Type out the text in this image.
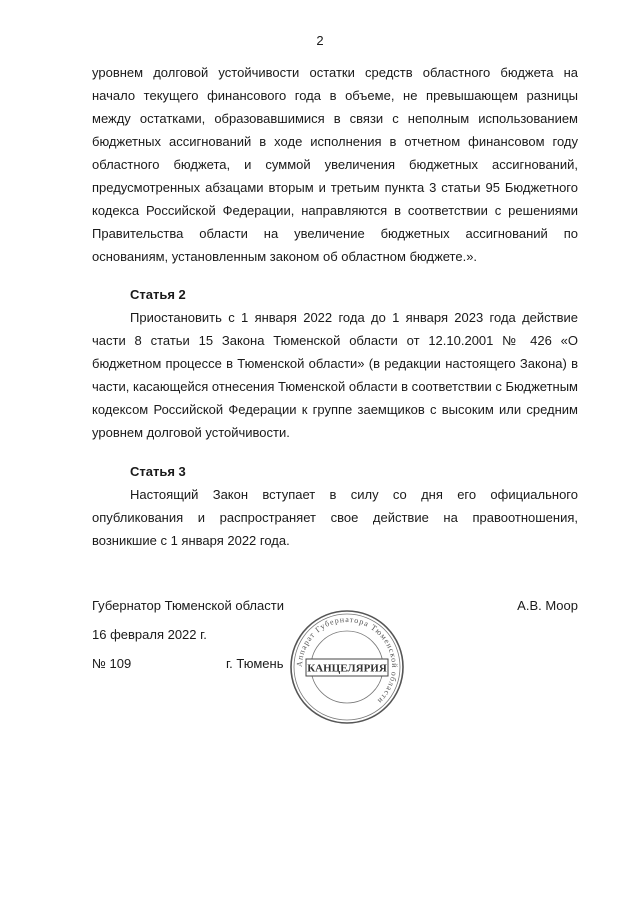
2

уровнем долговой устойчивости остатки средств областного бюджета на начало текущего финансового года в объеме, не превышающем разницы между остатками, образовавшимися в связи с неполным использованием бюджетных ассигнований в ходе исполнения в отчетном финансовом году областного бюджета, и суммой увеличения бюджетных ассигнований, предусмотренных абзацами вторым и третьим пункта 3 статьи 95 Бюджетного кодекса Российской Федерации, направляются в соответствии с решениями Правительства области на увеличение бюджетных ассигнований по основаниям, установленным законом об областном бюджете.».

Статья 2

Приостановить с 1 января 2022 года до 1 января 2023 года действие части 8 статьи 15 Закона Тюменской области от 12.10.2001 № 426 «О бюджетном процессе в Тюменской области» (в редакции настоящего Закона) в части, касающейся отнесения Тюменской области в соответствии с Бюджетным кодексом Российской Федерации к группе заемщиков с высоким или средним уровнем долговой устойчивости.

Статья 3

Настоящий Закон вступает в силу со дня его официального опубликования и распространяет свое действие на правоотношения, возникшие с 1 января 2022 года.

Губернатор Тюменской области	А.В. Моор
16 февраля 2022 г.
№ 109	г. Тюмень Аппарат Губернатора Тюменской области
КАНЦЕЛЯРИЯ
